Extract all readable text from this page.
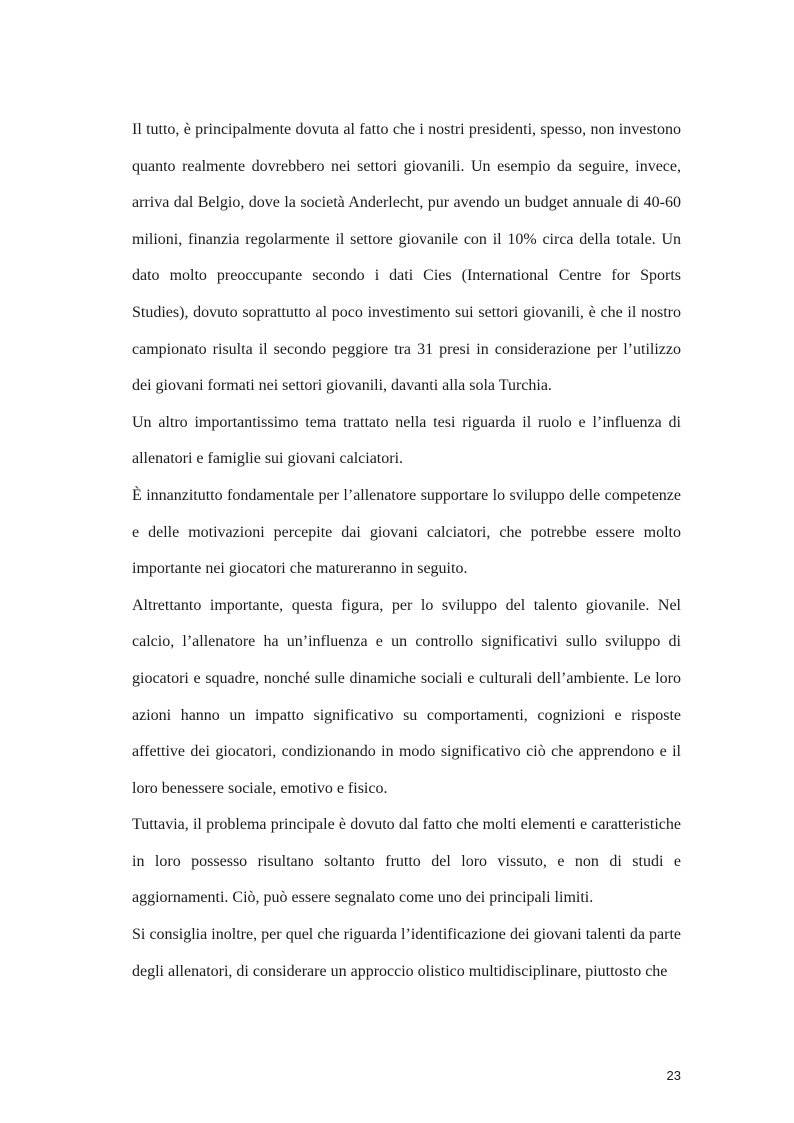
Il tutto, è principalmente dovuta al fatto che i nostri presidenti, spesso, non investono quanto realmente dovrebbero nei settori giovanili. Un esempio da seguire, invece, arriva dal Belgio, dove la società Anderlecht, pur avendo un budget annuale di 40-60 milioni, finanzia regolarmente il settore giovanile con il 10% circa della totale. Un dato molto preoccupante secondo i dati Cies (International Centre for Sports Studies), dovuto soprattutto al poco investimento sui settori giovanili, è che il nostro campionato risulta il secondo peggiore tra 31 presi in considerazione per l’utilizzo dei giovani formati nei settori giovanili, davanti alla sola Turchia.

Un altro importantissimo tema trattato nella tesi riguarda il ruolo e l’influenza di allenatori e famiglie sui giovani calciatori.

È innanzitutto fondamentale per l’allenatore supportare lo sviluppo delle competenze e delle motivazioni percepite dai giovani calciatori, che potrebbe essere molto importante nei giocatori che matureranno in seguito.

Altrettanto importante, questa figura, per lo sviluppo del talento giovanile. Nel calcio, l’allenatore ha un’influenza e un controllo significativi sullo sviluppo di giocatori e squadre, nonché sulle dinamiche sociali e culturali dell’ambiente. Le loro azioni hanno un impatto significativo su comportamenti, cognizioni e risposte affettive dei giocatori, condizionando in modo significativo ciò che apprendono e il loro benessere sociale, emotivo e fisico.

Tuttavia, il problema principale è dovuto dal fatto che molti elementi e caratteristiche in loro possesso risultano soltanto frutto del loro vissuto, e non di studi e aggiornamenti. Ciò, può essere segnalato come uno dei principali limiti.

Si consiglia inoltre, per quel che riguarda l’identificazione dei giovani talenti da parte degli allenatori, di considerare un approccio olistico multidisciplinare, piuttosto che

23
